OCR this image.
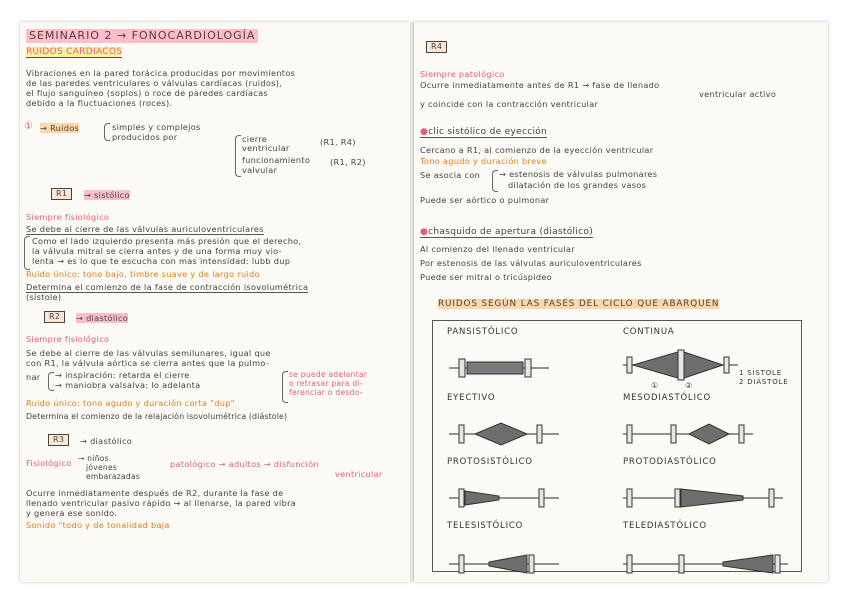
SEMINARIO 2 → FONOCARDIOLOGÍA
RUIDOS CARDIACOS
Vibraciones en la pared torácica producidas por movimientos
de las paredes ventriculares o válvulas cardíacas (ruidos),
el flujo sanguíneo (soplos) o roce de paredes cardíacas
debido a la fluctuaciones (roces).
① → Ruidos	simples y complejos
producidos por	cierre
ventricular
(R1, R4)
funcionamiento (R1, R2)
valvular
R1	→ sistólico
Siempre fisiológico
Se debe al cierre de las válvulas auriculoventriculares
Como el lado izquierdo presenta más presión que el derecho,
la válvula mitral se cierra antes y de una forma muy vio-
lenta → es lo que te escucha con mas intensidad: lubb dup
Ruido único: tono bajo, timbre suave y de largo ruido
Determina el comienzo de la fase de contracción isovolumétrica
(sístole)
R2	→ diastólico
Siempre fisiológico
Se debe al cierre de las válvulas semilunares, igual que
con R1, la válvula aórtica se cierra antes que la pulmo-
nar → inspiración: retarda el cierre
→ maniobra valsalva: lo adelanta
se puede adelantar
o retrasar para di-
ferenciar o desdo-
Ruido único: tono agudo y duración corta "dup"
Determina el comienzo de la relajación isovolumétrica (diástole)
R3	→ diastólico
Fisiológico → niños
jóvenes
embarazadas
patológico → adultos → disfunción
ventricular
Ocurre inmediatamente después de R2, durante la fase de
llenado ventricular pasivo rápido → al llenarse, la pared vibra
y genera ese sonido.
Sonido "todo y de tonalidad baja
R4
Siempre patológico
Ocurre inmediatamente antes de R1 → fase de llenado
ventricular activo
y coincide con la contracción ventricular
●clic sistólico de eyección
Cercano a R1, al comienzo de la eyección ventricular
Tono agudo y duración breve
Se asocia con → estenosis de válvulas pulmonares
dilatación de los grandes vasos
Puede ser aórtico o pulmonar
●chasquido de apertura (diastólico)
Al comienzo del llenado ventricular
Por estenosis de las válvulas auriculoventriculares
Puede ser mitral o tricúspideo
RUIDOS SEGÚN LAS FASES DEL CICLO QUE ABARQUEN
PANSISTÓLICO	CONTINUA
EYECTIVO	MESODIASTÓLICO
PROTOSISTÓLICO	PROTODIASTÓLICO
TELESISTÓLICO	TELEDIASTÓLICO
1 SÍSTOLE
2 DIÁSTOLE
①	②
